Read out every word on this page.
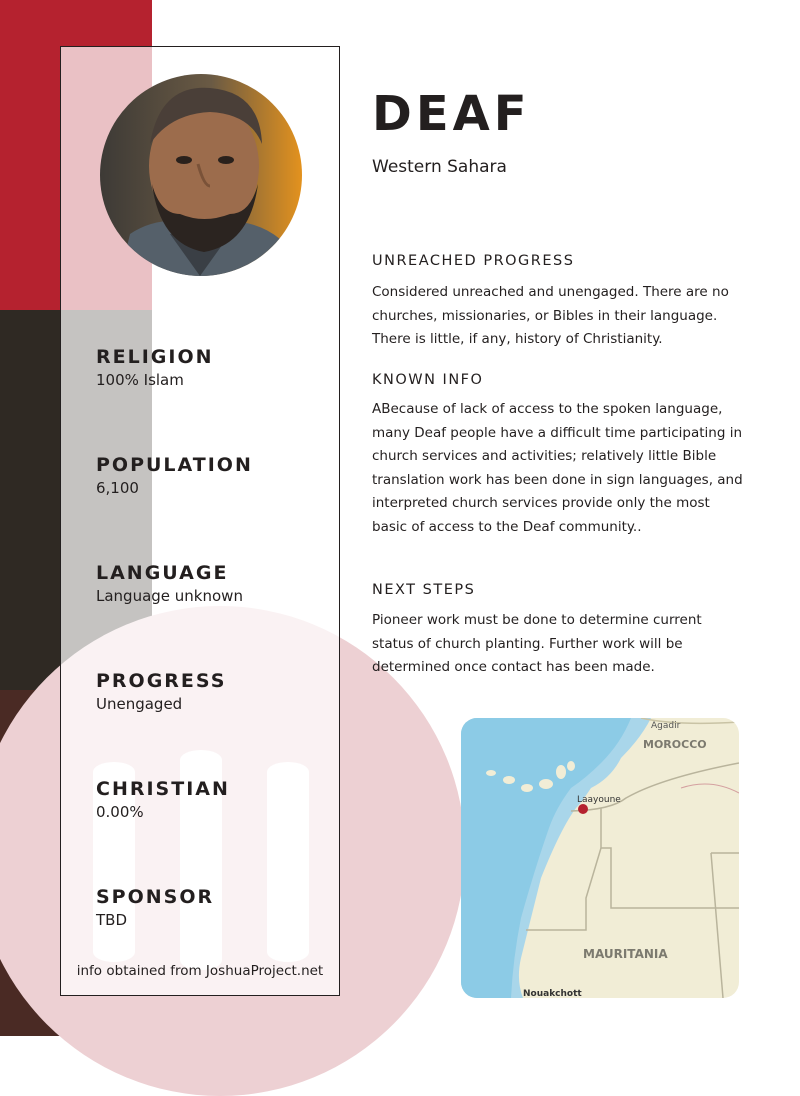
RELIGION
100% Islam
POPULATION
6,100
LANGUAGE
Language unknown
PROGRESS
Unengaged
CHRISTIAN
0.00%
SPONSOR
TBD
info obtained from JoshuaProject.net
DEAF
Western Sahara
UNREACHED PROGRESS
Considered unreached and unengaged. There are no churches, missionaries, or Bibles in their language. There is little, if any, history of Christianity.
KNOWN INFO
ABecause of lack of access to the spoken language, many Deaf people have a difficult time participating in church services and activities; relatively little Bible translation work has been done in sign languages, and interpreted church services provide only the most basic of access to the Deaf community..
NEXT STEPS
Pioneer work must be done to determine current status of church planting. Further work will be determined once contact has been made.
Agadir
MOROCCO
Laayoune
MAURITANIA
Nouakchott
